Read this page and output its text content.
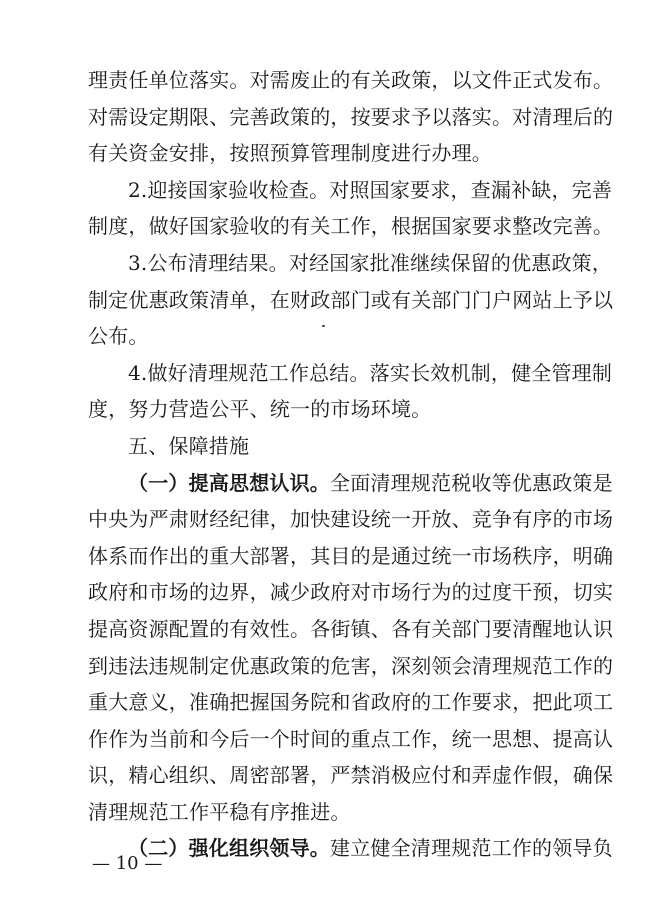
理责任单位落实。对需废止的有关政策，以文件正式发布。
对需设定期限、完善政策的，按要求予以落实。对清理后的
有关资金安排，按照预算管理制度进行办理。
2.迎接国家验收检查。对照国家要求，查漏补缺，完善
制度，做好国家验收的有关工作，根据国家要求整改完善。
3.公布清理结果。对经国家批准继续保留的优惠政策，
制定优惠政策清单，在财政部门或有关部门门户网站上予以
公布。
4.做好清理规范工作总结。落实长效机制，健全管理制
度，努力营造公平、统一的市场环境。
五、保障措施
（一）提高思想认识。全面清理规范税收等优惠政策是
中央为严肃财经纪律，加快建设统一开放、竞争有序的市场
体系而作出的重大部署，其目的是通过统一市场秩序，明确
政府和市场的边界，减少政府对市场行为的过度干预，切实
提高资源配置的有效性。各街镇、各有关部门要清醒地认识
到违法违规制定优惠政策的危害，深刻领会清理规范工作的
重大意义，准确把握国务院和省政府的工作要求，把此项工
作作为当前和今后一个时间的重点工作，统一思想、提高认
识，精心组织、周密部署，严禁消极应付和弄虚作假，确保
清理规范工作平稳有序推进。
（二）强化组织领导。建立健全清理规范工作的领导负
— 10 —
